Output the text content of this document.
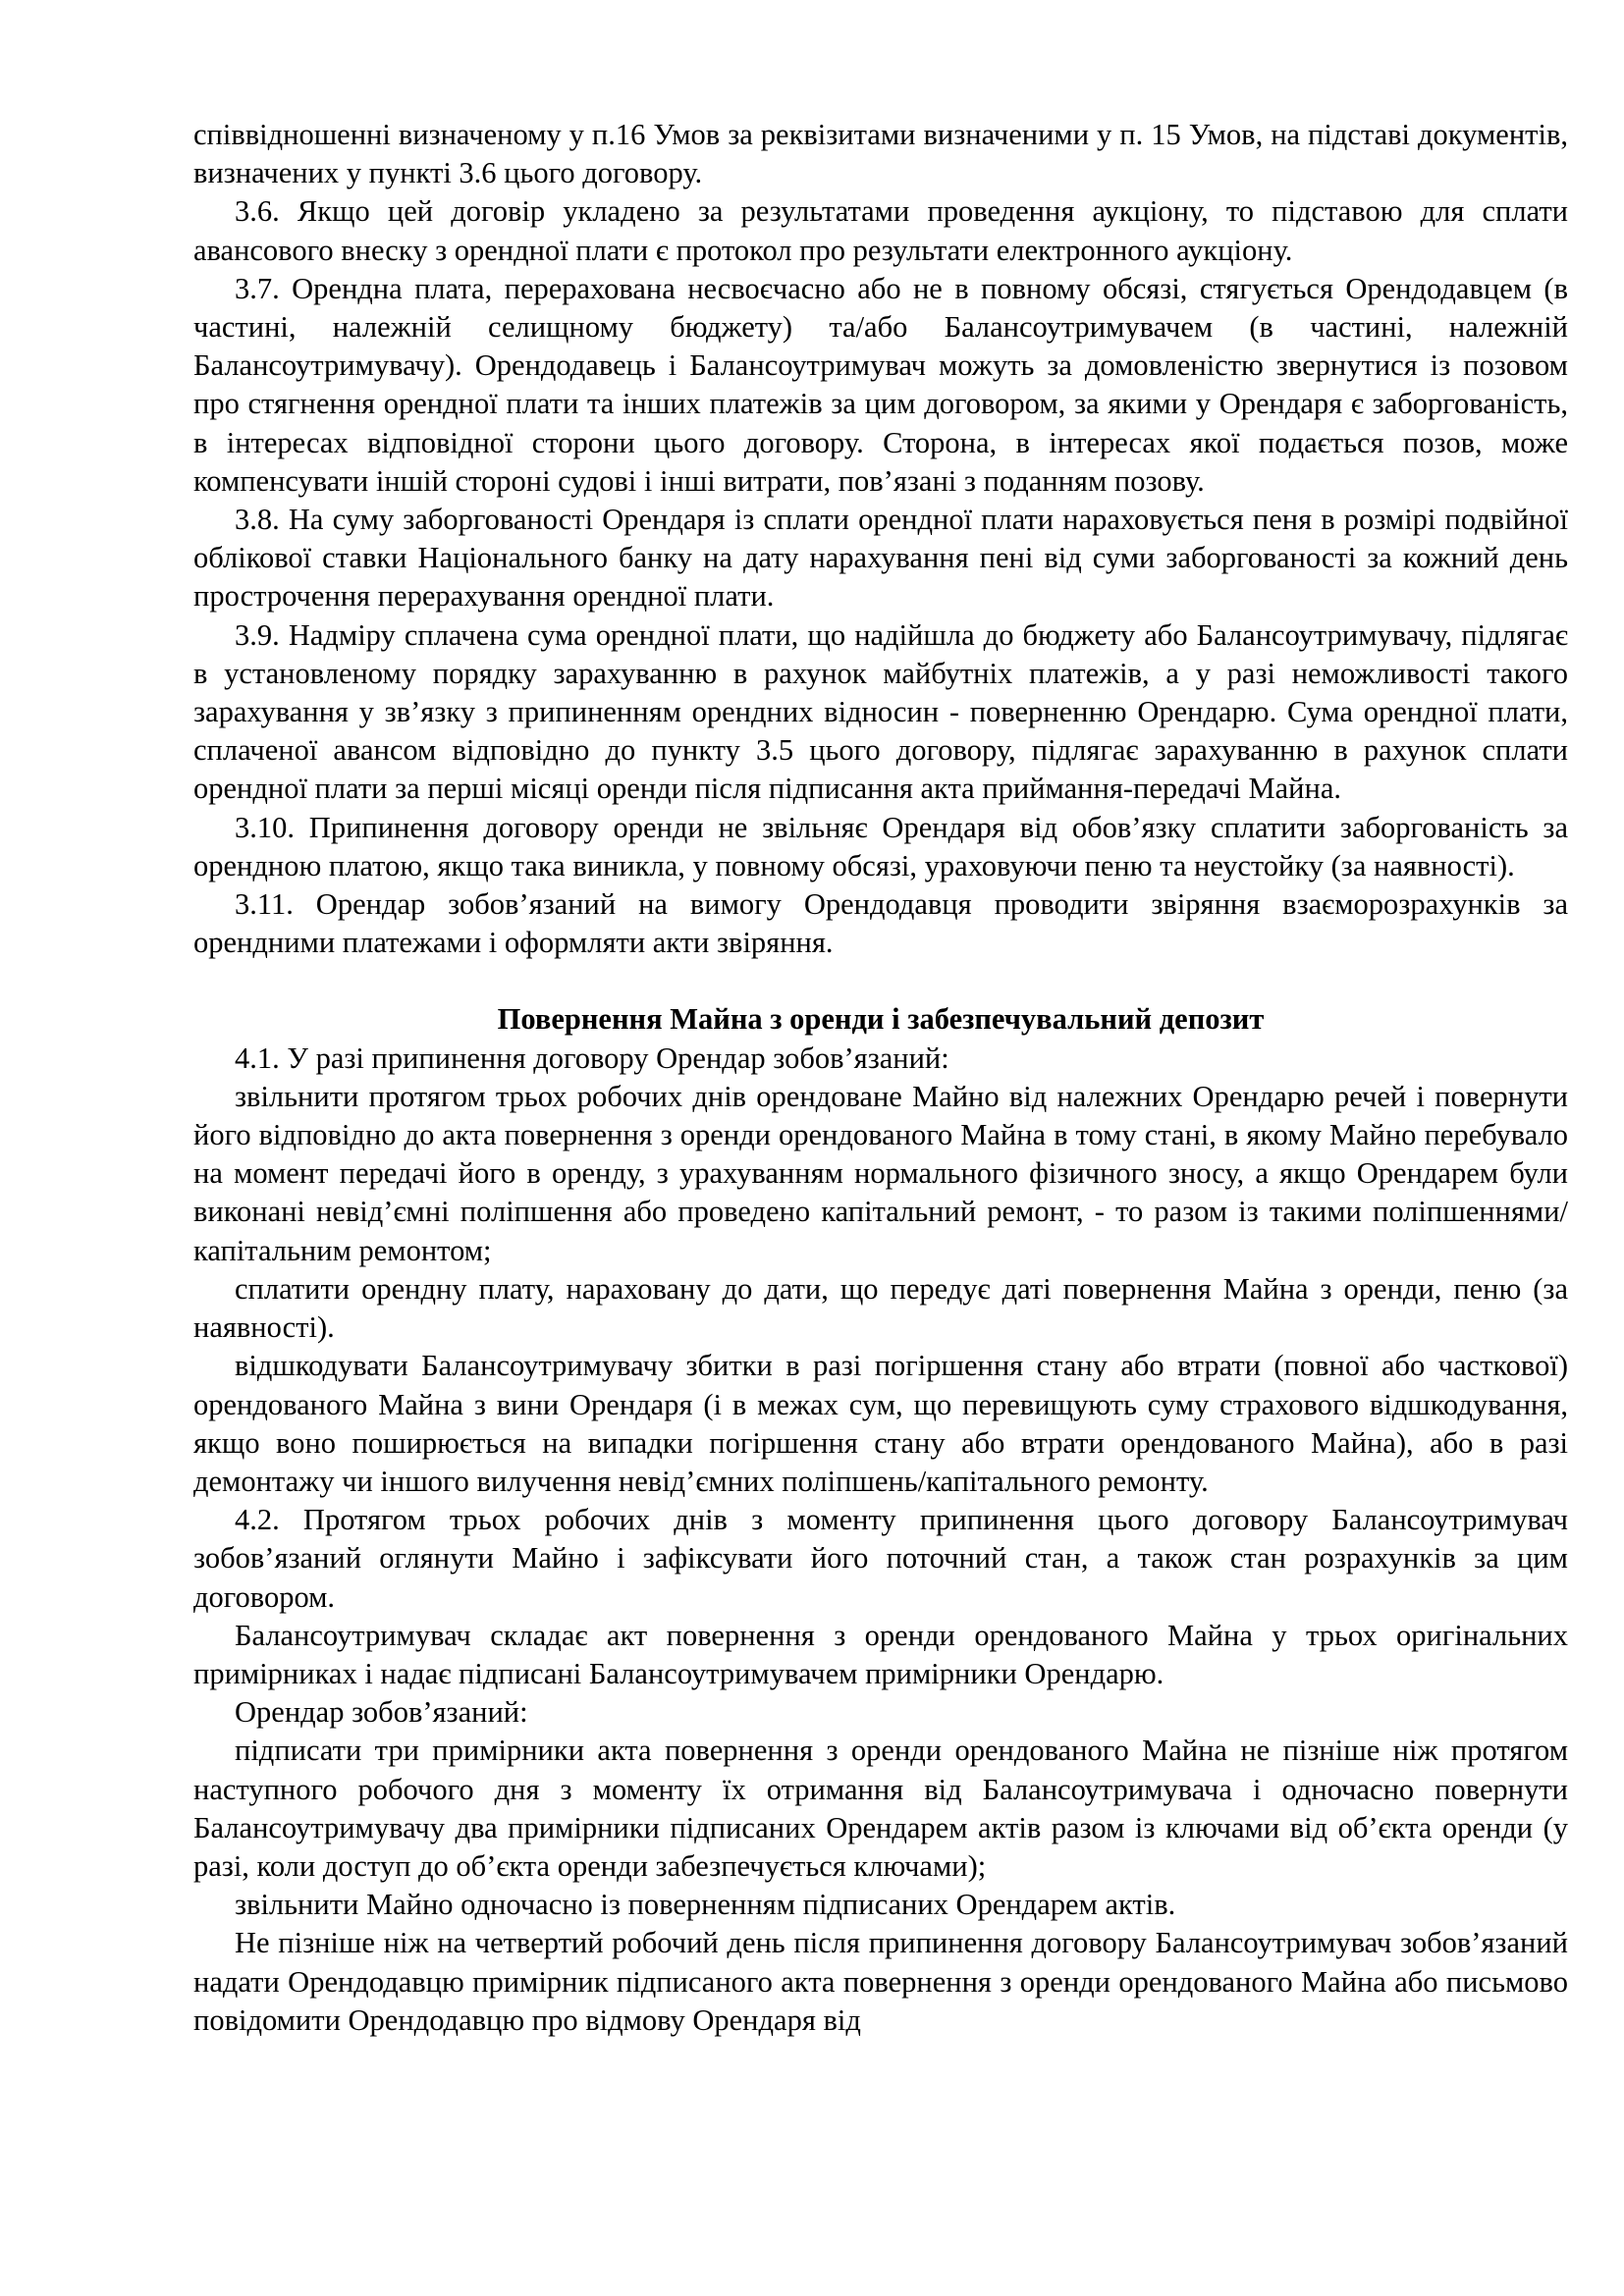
співвідношенні визначеному у п.16 Умов за реквізитами визначеними у п. 15 Умов, на підставі документів, визначених у пункті 3.6 цього договору.

3.6. Якщо цей договір укладено за результатами проведення аукціону, то підставою для сплати авансового внеску з орендної плати є протокол про результати електронного аукціону.

3.7. Орендна плата, перерахована несвоєчасно або не в повному обсязі, стягується Орендодавцем (в частині, належній селищному бюджету) та/або Балансоутримувачем (в частині, належній Балансоутримувачу). Орендодавець і Балансоутримувач можуть за домовленістю звернутися із позовом про стягнення орендної плати та інших платежів за цим договором, за якими у Орендаря є заборгованість, в інтересах відповідної сторони цього договору. Сторона, в інтересах якої подається позов, може компенсувати іншій стороні судові і інші витрати, пов’язані з поданням позову.

3.8. На суму заборгованості Орендаря із сплати орендної плати нараховується пеня в розмірі подвійної облікової ставки Національного банку на дату нарахування пені від суми заборгованості за кожний день прострочення перерахування орендної плати.

3.9. Надміру сплачена сума орендної плати, що надійшла до бюджету або Балансоутримувачу, підлягає в установленому порядку зарахуванню в рахунок майбутніх платежів, а у разі неможливості такого зарахування у зв’язку з припиненням орендних відносин - поверненню Орендарю. Сума орендної плати, сплаченої авансом відповідно до пункту 3.5 цього договору, підлягає зарахуванню в рахунок сплати орендної плати за перші місяці оренди після підписання акта приймання-передачі Майна.

3.10. Припинення договору оренди не звільняє Орендаря від обов’язку сплатити заборгованість за орендною платою, якщо така виникла, у повному обсязі, ураховуючи пеню та неустойку (за наявності).

3.11. Орендар зобов’язаний на вимогу Орендодавця проводити звіряння взаєморозрахунків за орендними платежами і оформляти акти звіряння.

Повернення Майна з оренди і забезпечувальний депозит

4.1. У разі припинення договору Орендар зобов’язаний:

звільнити протягом трьох робочих днів орендоване Майно від належних Орендарю речей і повернути його відповідно до акта повернення з оренди орендованого Майна в тому стані, в якому Майно перебувало на момент передачі його в оренду, з урахуванням нормального фізичного зносу, а якщо Орендарем були виконані невід’ємні поліпшення або проведено капітальний ремонт, - то разом із такими поліпшеннями/капітальним ремонтом;

сплатити орендну плату, нараховану до дати, що передує даті повернення Майна з оренди, пеню (за наявності).

відшкодувати Балансоутримувачу збитки в разі погіршення стану або втрати (повної або часткової) орендованого Майна з вини Орендаря (і в межах сум, що перевищують суму страхового відшкодування, якщо воно поширюється на випадки погіршення стану або втрати орендованого Майна), або в разі демонтажу чи іншого вилучення невід’ємних поліпшень/капітального ремонту.

4.2. Протягом трьох робочих днів з моменту припинення цього договору Балансоутримувач зобов’язаний оглянути Майно і зафіксувати його поточний стан, а також стан розрахунків за цим договором.

Балансоутримувач складає акт повернення з оренди орендованого Майна у трьох оригінальних примірниках і надає підписані Балансоутримувачем примірники Орендарю.

Орендар зобов’язаний:

підписати три примірники акта повернення з оренди орендованого Майна не пізніше ніж протягом наступного робочого дня з моменту їх отримання від Балансоутримувача і одночасно повернути Балансоутримувачу два примірники підписаних Орендарем актів разом із ключами від об’єкта оренди (у разі, коли доступ до об’єкта оренди забезпечується ключами);

звільнити Майно одночасно із поверненням підписаних Орендарем актів.

Не пізніше ніж на четвертий робочий день після припинення договору Балансоутримувач зобов’язаний надати Орендодавцю примірник підписаного акта повернення з оренди орендованого Майна або письмово повідомити Орендодавцю про відмову Орендаря від
